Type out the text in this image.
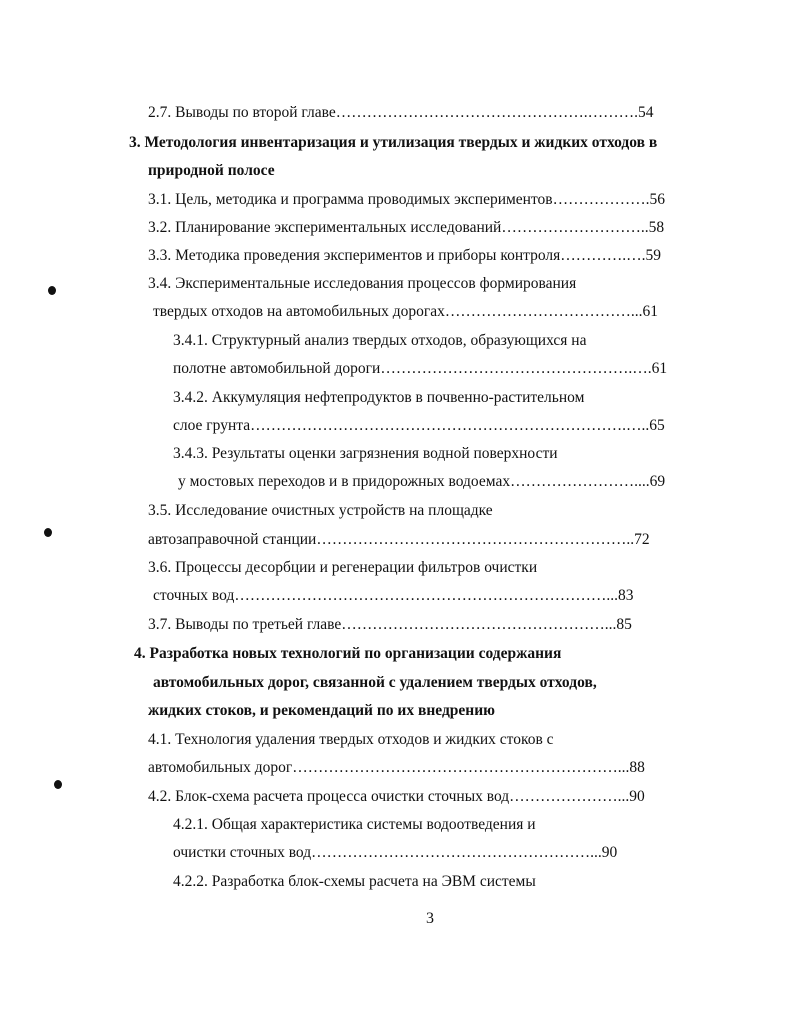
2.7. Выводы по второй главе………………………………………….……….54
3. Методология инвентаризация и утилизация твердых и жидких отходов в
природной полосе
3.1. Цель, методика и программа проводимых экспериментов……………….56
3.2. Планирование экспериментальных исследований………………………..58
3.3. Методика проведения экспериментов и приборы контроля………….….59
3.4. Экспериментальные исследования процессов формирования
твердых отходов на автомобильных дорогах………………………………...61
3.4.1. Структурный анализ твердых отходов, образующихся на
полотне автомобильной дороги………………………………………….….61
3.4.2. Аккумуляция нефтепродуктов в почвенно-растительном
слое грунта……………………………………………………………….…..65
3.4.3. Результаты оценки загрязнения водной поверхности
у мостовых переходов и в придорожных водоемах……………………....69
3.5. Исследование очистных устройств на площадке
автозаправочной станции……………………………………………………..72
3.6. Процессы десорбции и регенерации фильтров очистки
сточных вод………………………………………………………………...83
3.7. Выводы по третьей главе……………………………………………...85
4. Разработка новых технологий по организации содержания
автомобильных дорог, связанной с удалением твердых отходов,
жидких стоков, и рекомендаций по их внедрению
4.1. Технология удаления твердых отходов и жидких стоков с
автомобильных дорог………………………………………………………...88
4.2. Блок-схема расчета процесса очистки сточных вод…………………...90
4.2.1. Общая характеристика системы водоотведения и
очистки сточных вод………………………………………………...90
4.2.2. Разработка блок-схемы расчета на ЭВМ системы
3
